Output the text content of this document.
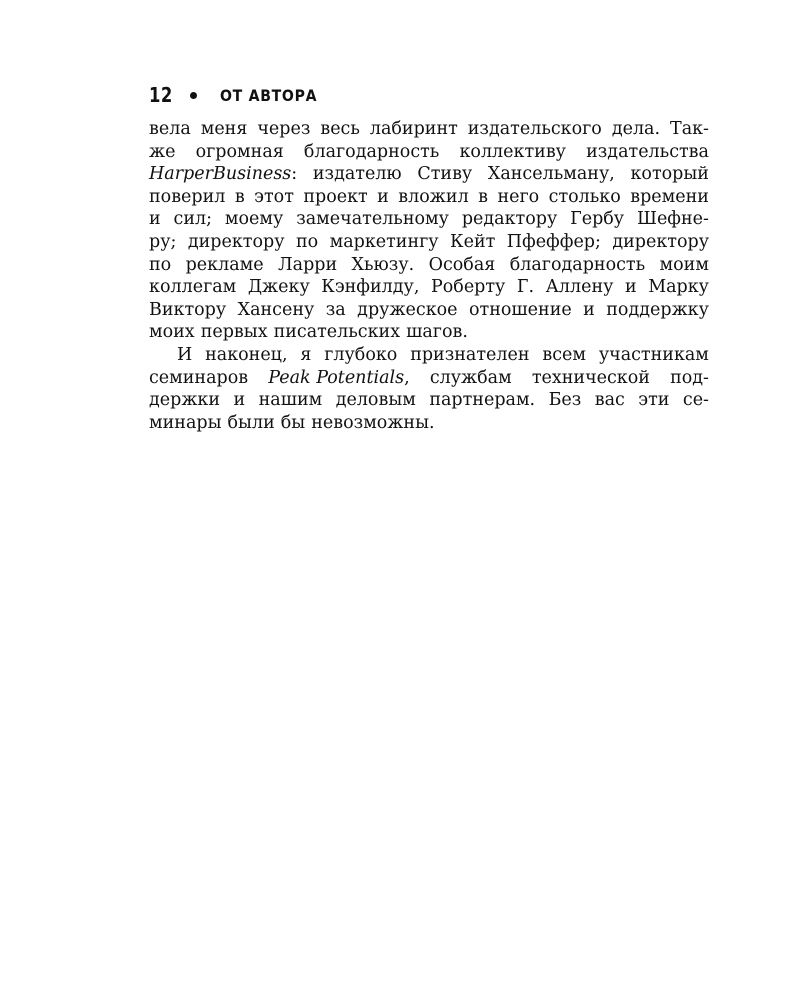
12	ОТ АВТОРА
вела меня через весь лабиринт издательского дела. Так-
же огромная благодарность коллективу издательства
HarperBusiness: издателю Стиву Хансельману, который
поверил в этот проект и вложил в него столько времени
и сил; моему замечательному редактору Гербу Шефне-
ру; директору по маркетингу Кейт Пфеффер; директору
по рекламе Ларри Хьюзу. Особая благодарность моим
коллегам Джеку Кэнфилду, Роберту Г. Аллену и Марку
Виктору Хансену за дружеское отношение и поддержку
моих первых писательских шагов.
И наконец, я глубоко признателен всем участникам
семинаров Peak Potentials, службам технической под-
держки и нашим деловым партнерам. Без вас эти се-
минары были бы невозможны.
